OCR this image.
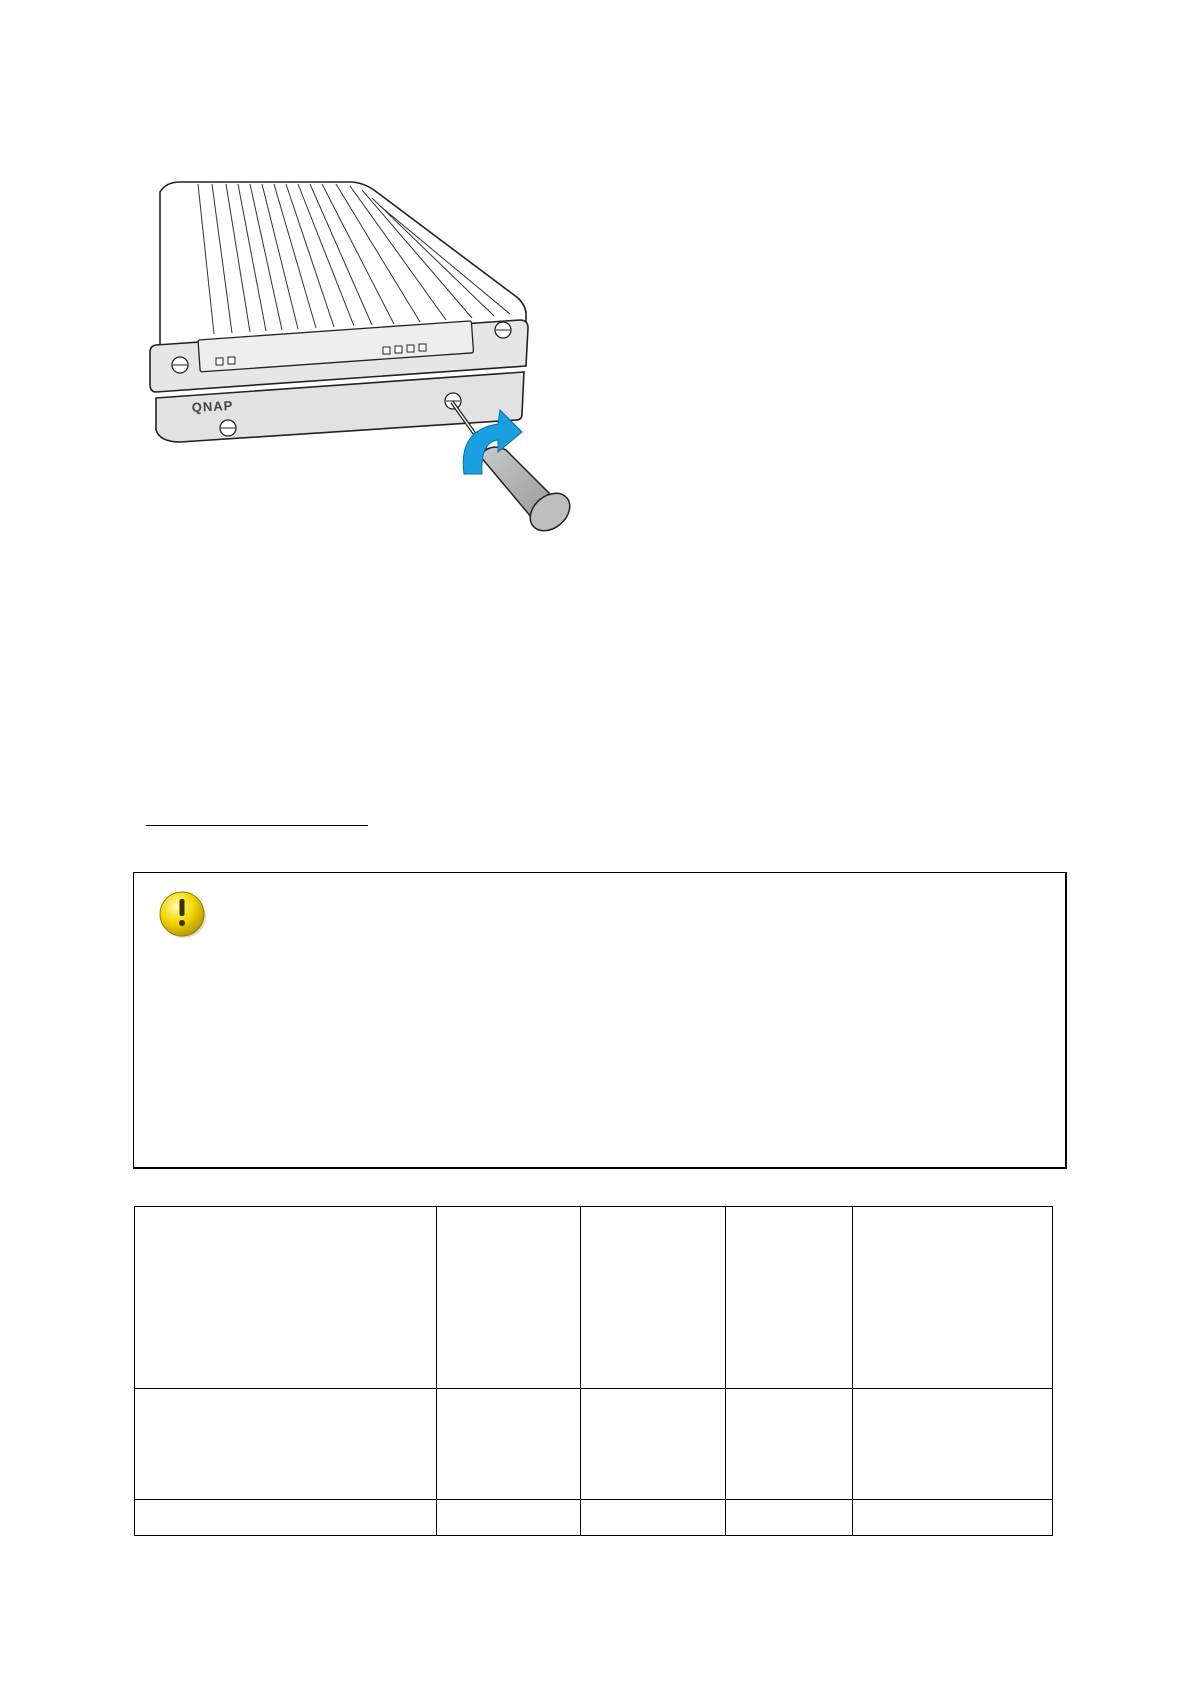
QNAP
